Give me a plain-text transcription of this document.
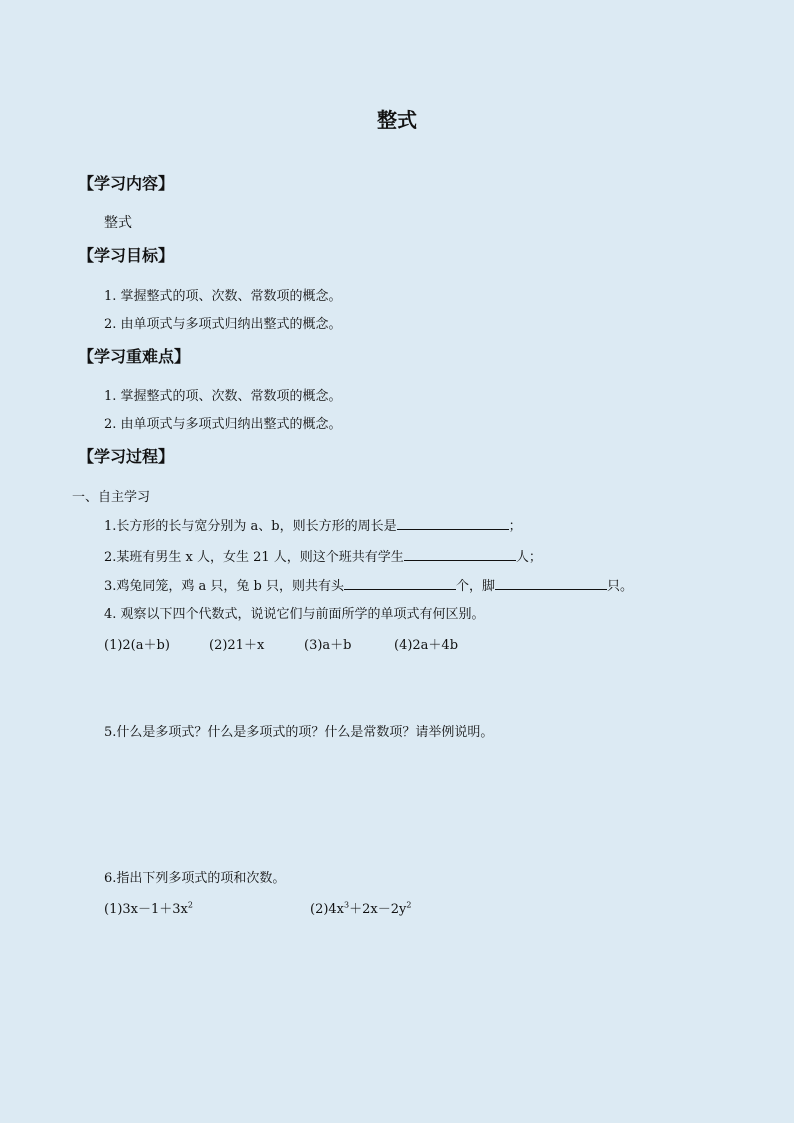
整式
【学习内容】
整式
【学习目标】
1. 掌握整式的项、次数、常数项的概念。
2. 由单项式与多项式归纳出整式的概念。
【学习重难点】
1. 掌握整式的项、次数、常数项的概念。
2. 由单项式与多项式归纳出整式的概念。
【学习过程】
一、自主学习
1.长方形的长与宽分别为 a、b，则长方形的周长是	；
2.某班有男生 x 人，女生 21 人，则这个班共有学生	人；
3.鸡兔同笼，鸡 a 只，兔 b 只，则共有头	个，脚	只。
4. 观察以下四个代数式，说说它们与前面所学的单项式有何区别。
(1)2(a＋b)	(2)21＋x	(3)a＋b	(4)2a＋4b
5.什么是多项式？什么是多项式的项？什么是常数项？请举例说明。
6.指出下列多项式的项和次数。
$(1)3x-1+3x^2$	$(2)4x^3+2x-2y^2$
